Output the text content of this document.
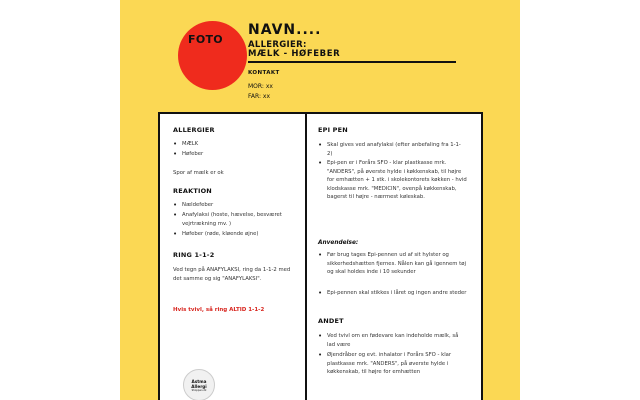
FOTO
NAVN....
ALLERGIER:
MÆLK - HØFEBER
KONTAKT
MOR: xx
FAR: xx

ALLERGIER

• MÆLK
• Høfeber

Spor af mælk er ok

REAKTION

• Nældefeber
• Anafylaksi (hoste, hævelse, besværet vejrtrækning mv. )
• Høfeber (røde, kløende øjne)

RING 1-1-2

Ved tegn på ANAFYLAKSI, ring da 1-1-2 med det samme og sig "ANAFYLAKSI".

Hvis tvivl, så ring ALTID 1-1-2

Astma
Allergi
Shoppen.dk

EPI PEN

• Skal gives ved anafylaksi (efter anbefaling fra 1-1-2)
• Epi-pen er i Forårs SFO - klar plastkasse mrk. "ANDERS", på øverste hylde i køkkenskab, til højre for emhætten + 1 stk. i skolekontorets køkken - hvid klodskasse mrk. "MEDICIN", ovenpå køkkenskab, bagerst til højre - nærmest køleskab.

Anvendelse:

• Før brug tages Epi-pennen ud af sit hylster og sikkerhedshætten fjernes. Nålen kan gå igennem tøj og skal holdes inde i 10 sekunder
• Epi-pennen skal stikkes i låret og ingen andre steder

ANDET

• Ved tvivl om en fødevare kan indeholde mælk, så lad være
• Øjendråber og evt. inhalator i Forårs SFO - klar plastkasse mrk. "ANDERS", på øverste hylde i køkkenskab, til højre for emhætten
